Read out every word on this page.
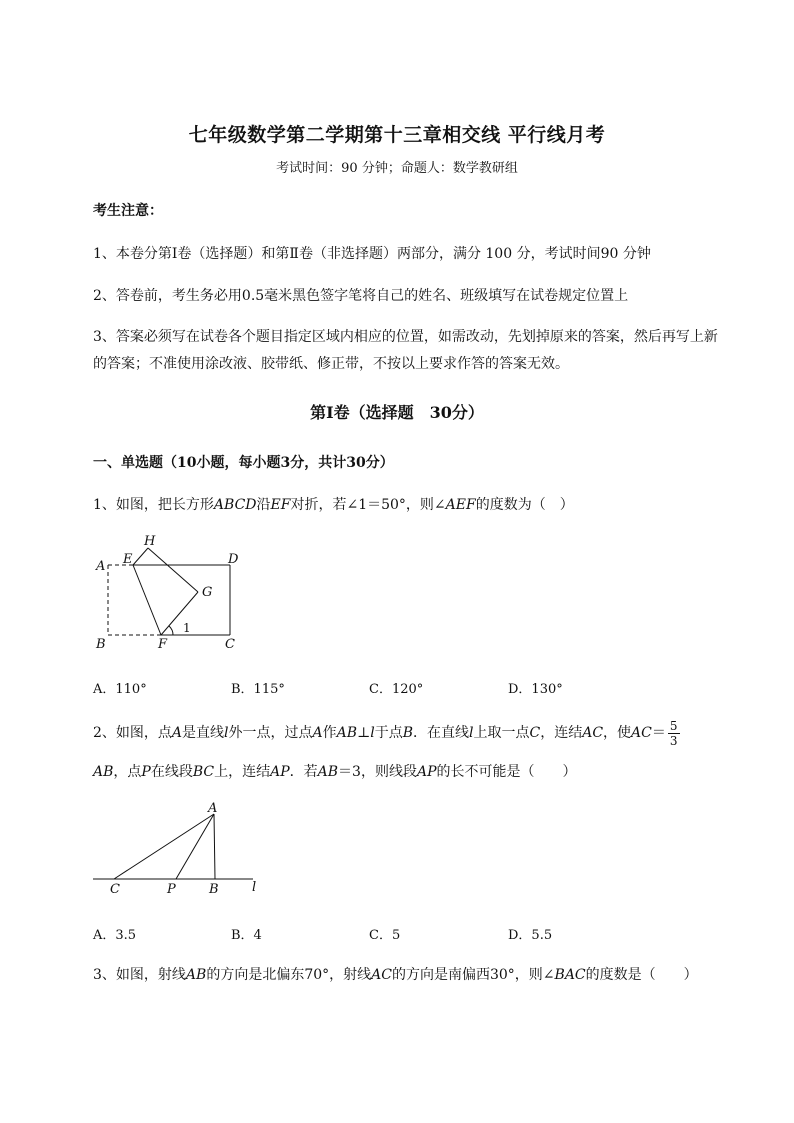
七年级数学第二学期第十三章相交线 平行线月考
考试时间：90 分钟；命题人：数学教研组
考生注意：
1、本卷分第Ⅰ卷（选择题）和第Ⅱ卷（非选择题）两部分，满分 100 分，考试时间90 分钟
2、答卷前，考生务必用0.5毫米黑色签字笔将自己的姓名、班级填写在试卷规定位置上
3、答案必须写在试卷各个题目指定区域内相应的位置，如需改动，先划掉原来的答案，然后再写上新
的答案；不准使用涂改液、胶带纸、修正带，不按以上要求作答的答案无效。
第Ⅰ卷（选择题　30分）
一、单选题（10小题，每小题3分，共计30分）
1、如图，把长方形ABCD沿EF对折，若∠1＝50°，则∠AEF的度数为（　）
A
B	C
D
E
F
G
H
1
A．110°	B．115°	C．120°	D．130°
2、如图，点A是直线l外一点，过点A作AB⊥l于点B．在直线l上取一点C，连结AC，使$AC= \frac{5}{3}$
AB，点P在线段BC上，连结AP．若AB＝3，则线段AP的长不可能是（　　）
A
C	P	B	l
A．3.5	B．4	C．5	D．5.5
3、如图，射线AB的方向是北偏东70°，射线AC的方向是南偏西30°，则∠BAC的度数是（　　）
